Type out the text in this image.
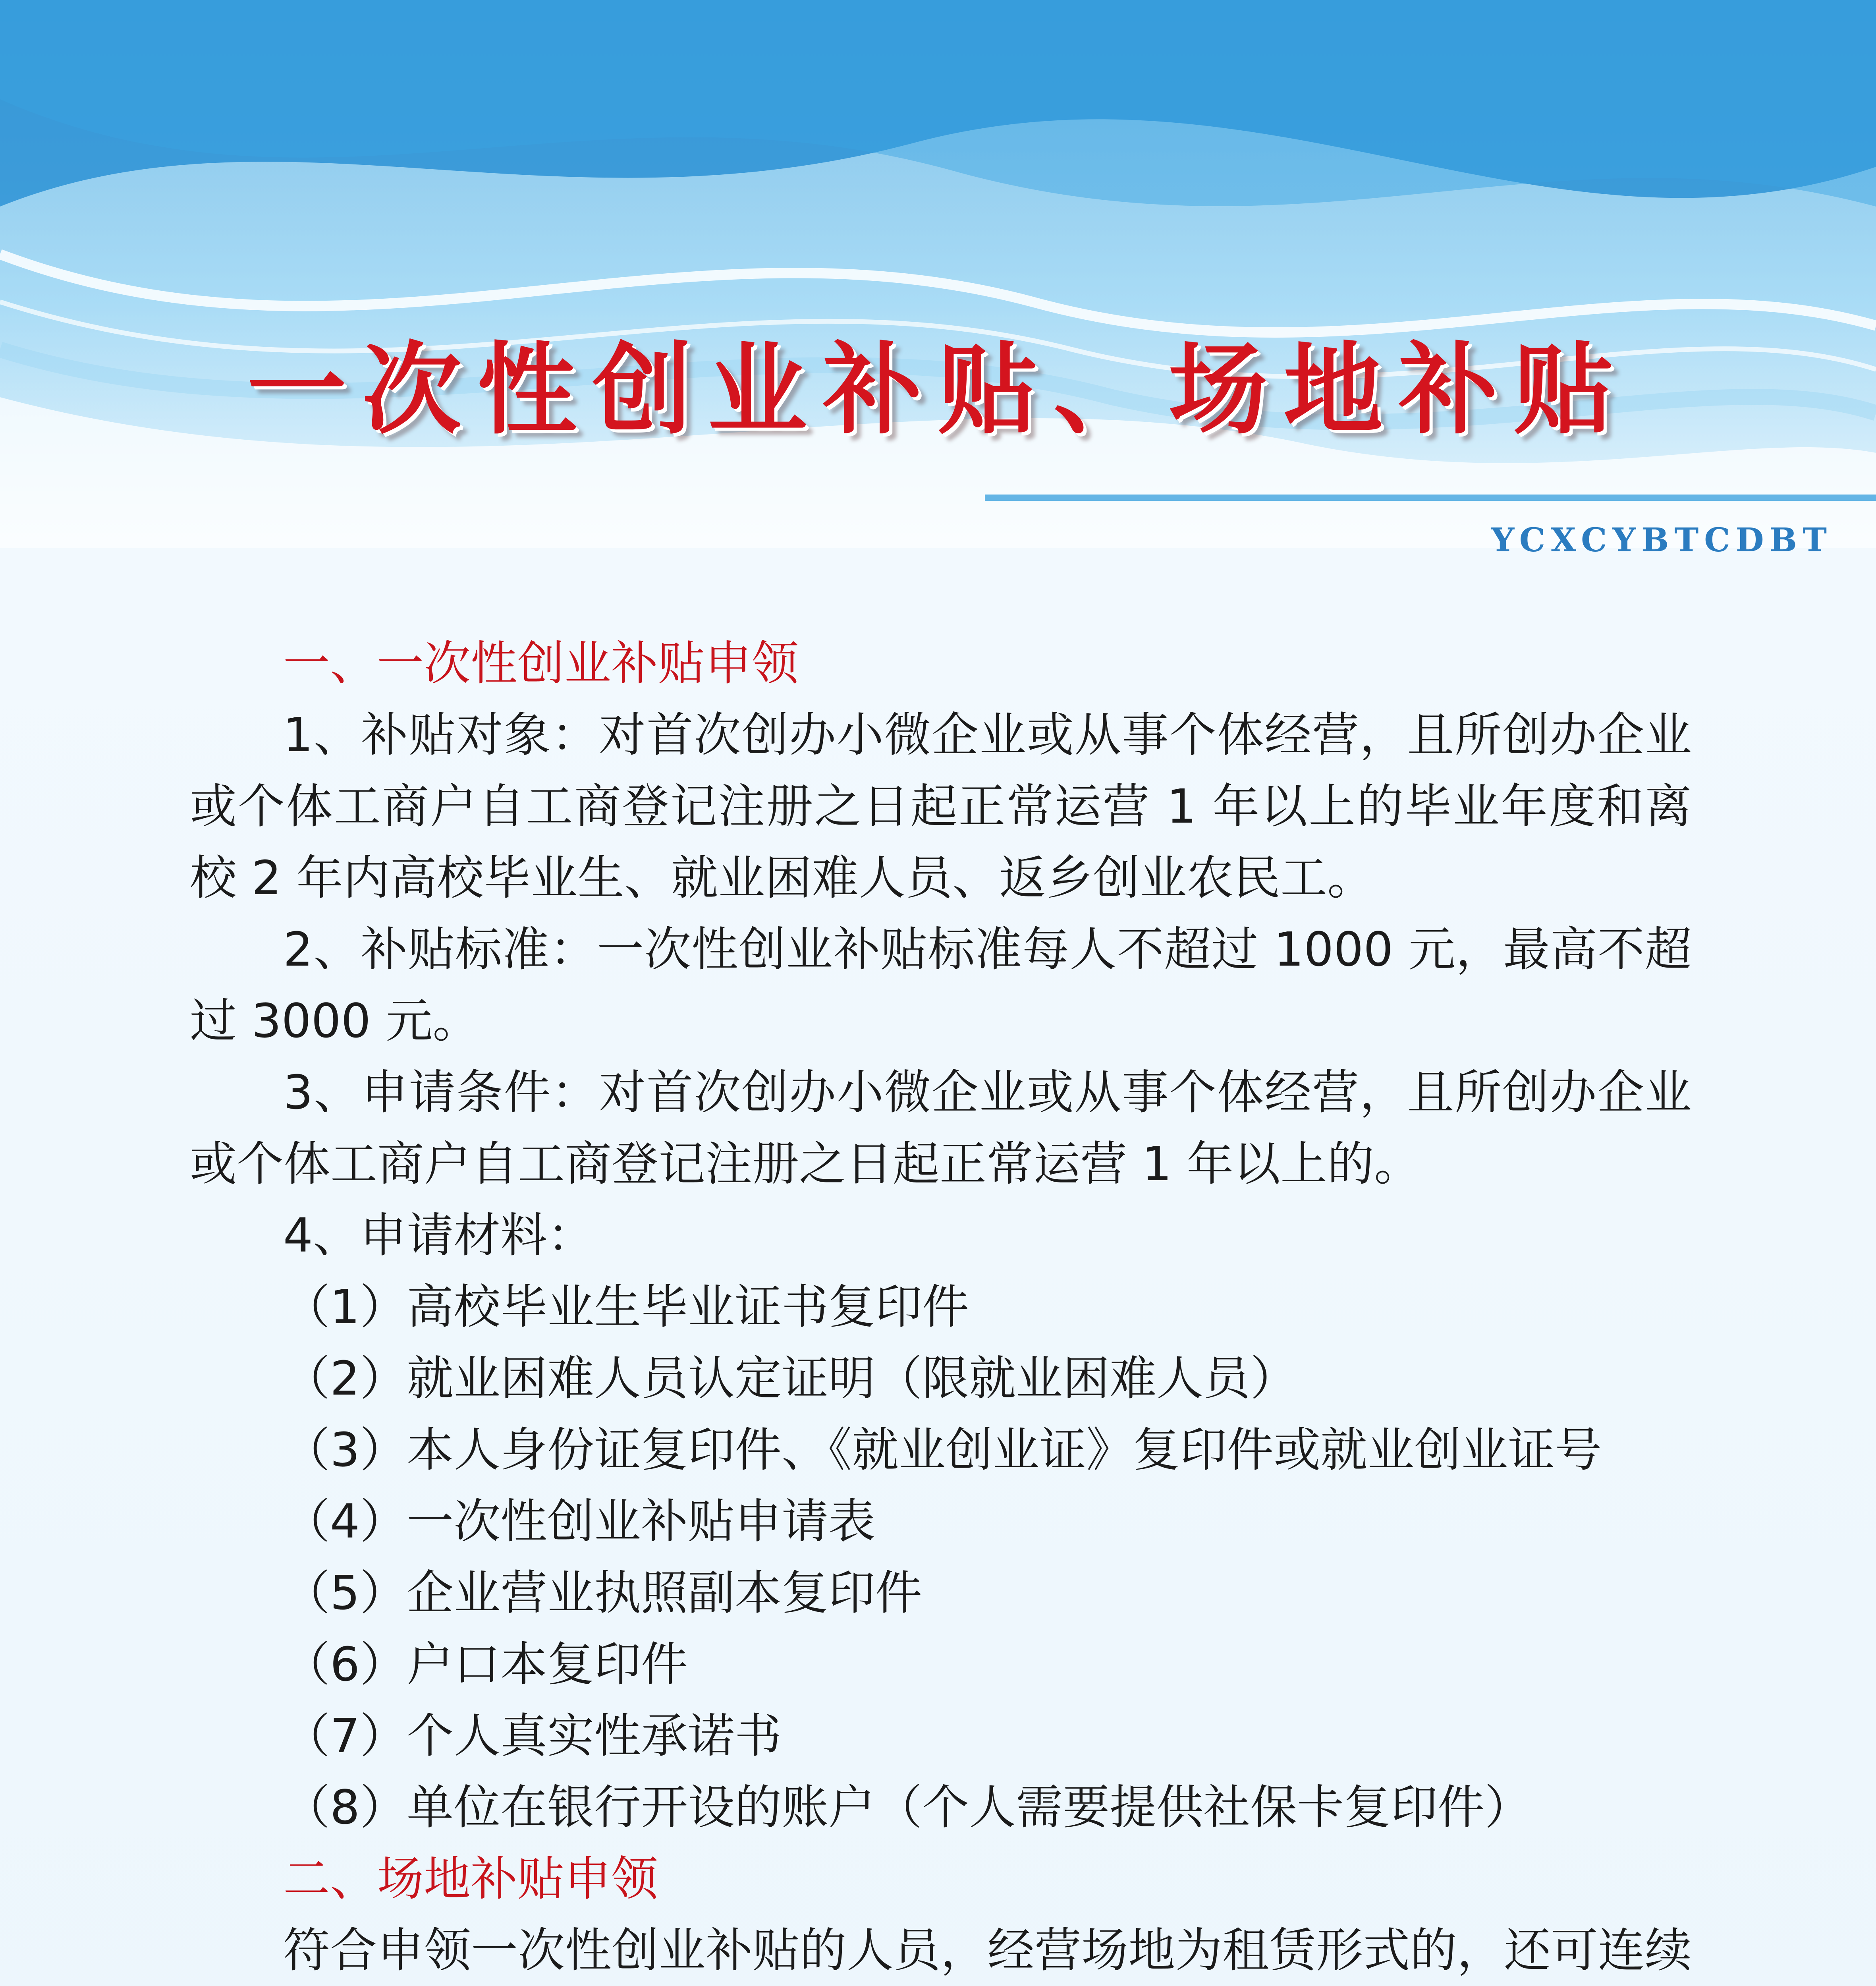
一次性创业补贴、场地补贴
YCXCYBTCDBT

一、一次性创业补贴申领

1、补贴对象：对首次创办小微企业或从事个体经营，且所创办企业或个体工商户自工商登记注册之日起正常运营 1 年以上的毕业年度和离校 2 年内高校毕业生、就业困难人员、返乡创业农民工。

2、补贴标准：一次性创业补贴标准每人不超过 1000 元，最高不超过 3000 元。

3、申请条件：对首次创办小微企业或从事个体经营，且所创办企业或个体工商户自工商登记注册之日起正常运营 1 年以上的。

4、申请材料：

（1）高校毕业生毕业证书复印件

（2）就业困难人员认定证明（限就业困难人员）

（3）本人身份证复印件、《就业创业证》复印件或就业创业证号

（4）一次性创业补贴申请表

（5）企业营业执照副本复印件

（6）户口本复印件

（7）个人真实性承诺书

（8）单位在银行开设的账户（个人需要提供社保卡复印件）

二、场地补贴申领

符合申领一次性创业补贴的人员，经营场地为租赁形式的，还可连续
